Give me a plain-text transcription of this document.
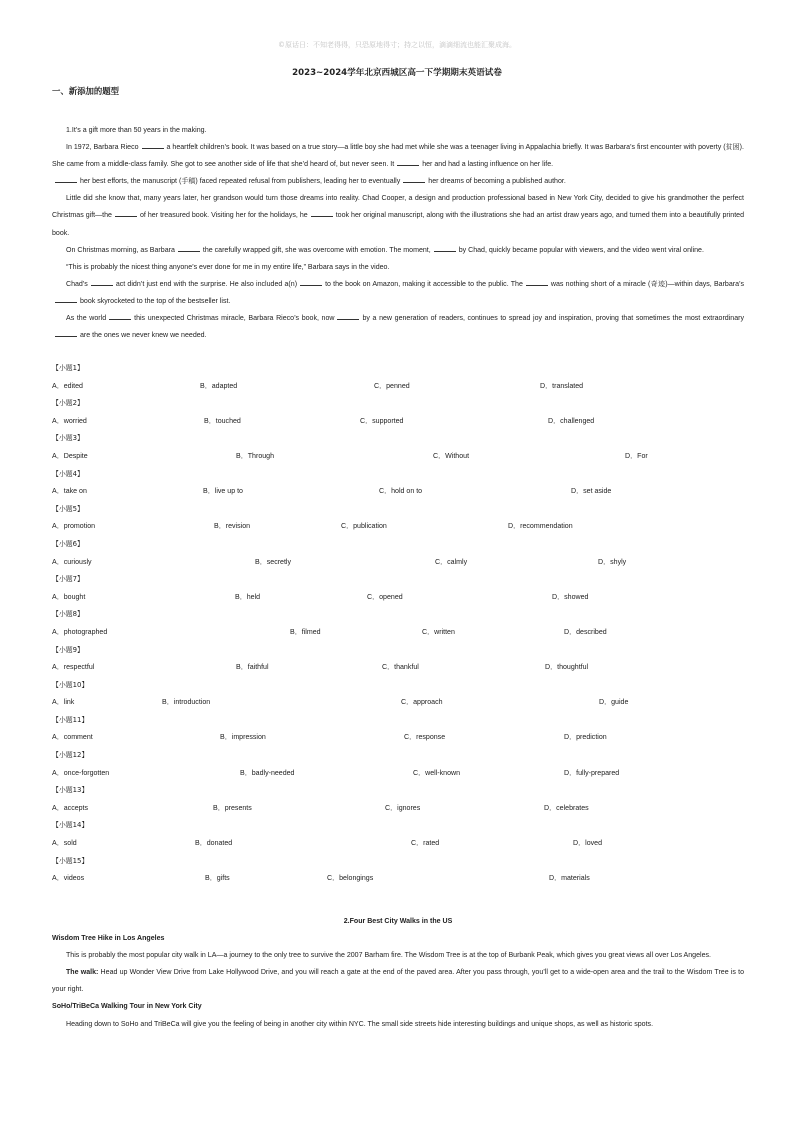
©原话日：不知老得得，只恐原地得寸；持之以恒，滴滴细流也能汇聚成海。
2023~2024学年北京西城区高一下学期期末英语试卷
一、新添加的题型

1.It’s a gift more than 50 years in the making.

In 1972, Barbara Rieco	a heartfelt children’s book. It was based on a true story—a little boy she had met while she was a teenager living in Appalachia briefly. It was Barbara’s first encounter with poverty (贫困). She came from a middle-class family. She got to see another side of life that she’d heard of, but never seen. It	her and had a lasting influence on her life.
her best efforts, the manuscript (手稿) faced repeated refusal from publishers, leading her to eventually	her dreams of becoming a published author.

Little did she know that, many years later, her grandson would turn those dreams into reality. Chad Cooper, a design and production professional based in New York City, decided to give his grandmother the perfect Christmas gift—the	of her treasured book. Visiting her for the holidays, he	took her original manuscript, along with the illustrations she had an artist draw years ago, and turned them into a beautifully printed book.

On Christmas morning, as Barbara	the carefully wrapped gift, she was overcome with emotion. The moment,	by Chad, quickly became popular with viewers, and the video went viral online.

“This is probably the nicest thing anyone’s ever done for me in my entire life,” Barbara says in the video.

Chad’s	act didn’t just end with the surprise. He also included a(n)	to the book on Amazon, making it accessible to the public. The	was nothing short of a miracle (奇迹)—within days, Barbara’sbook skyrocketed to the top of the bestseller list.

As the world	this unexpected Christmas miracle, Barbara Rieco’s book, now	by a new generation of readers, continues to spread joy and inspiration, proving that sometimes the most extraordinaryare the ones we never knew we needed.

【小题1】
A．edited	B．adapted	C．penned	D．translated
【小题2】
A．worried	B．touched	C．supported	D．challenged
【小题3】
A．Despite	B．Through	C．Without	D．For
【小题4】
A．take on	B．live up to	C．hold on to	D．set aside
【小题5】
A．promotion	B．revision	C．publication	D．recommendation
【小题6】
A．curiously	B．secretly	C．calmly	D．shyly
【小题7】
A．bought	B．held	C．opened	D．showed
【小题8】
A．photographed	B．filmed	C．written	D．described
【小题9】
A．respectful	B．faithful	C．thankful	D．thoughtful
【小题10】
A．link	B．introduction	C．approach	D．guide
【小题11】
A．comment	B．impression	C．response	D．prediction
【小题12】
A．once-forgotten	B．badly-needed	C．well-known	D．fully-prepared
【小题13】
A．accepts	B．presents	C．ignores	D．celebrates
【小题14】
A．sold	B．donated	C．rated	D．loved
【小题15】
A．videos	B．gifts	C．belongings	D．materials
2.Four Best City Walks in the US
Wisdom Tree Hike in Los Angeles

This is probably the most popular city walk in LA—a journey to the only tree to survive the 2007 Barham fire. The Wisdom Tree is at the top of Burbank Peak, which gives you great views all over Los Angeles.

The walk: Head up Wonder View Drive from Lake Hollywood Drive, and you will reach a gate at the end of the paved area. After you pass through, you’ll get to a wide-open area and the trail to the Wisdom Tree is to your right.

SoHo/TriBeCa Walking Tour in New York City

Heading down to SoHo and TriBeCa will give you the feeling of being in another city within NYC. The small side streets hide interesting buildings and unique shops, as well as historic spots.
